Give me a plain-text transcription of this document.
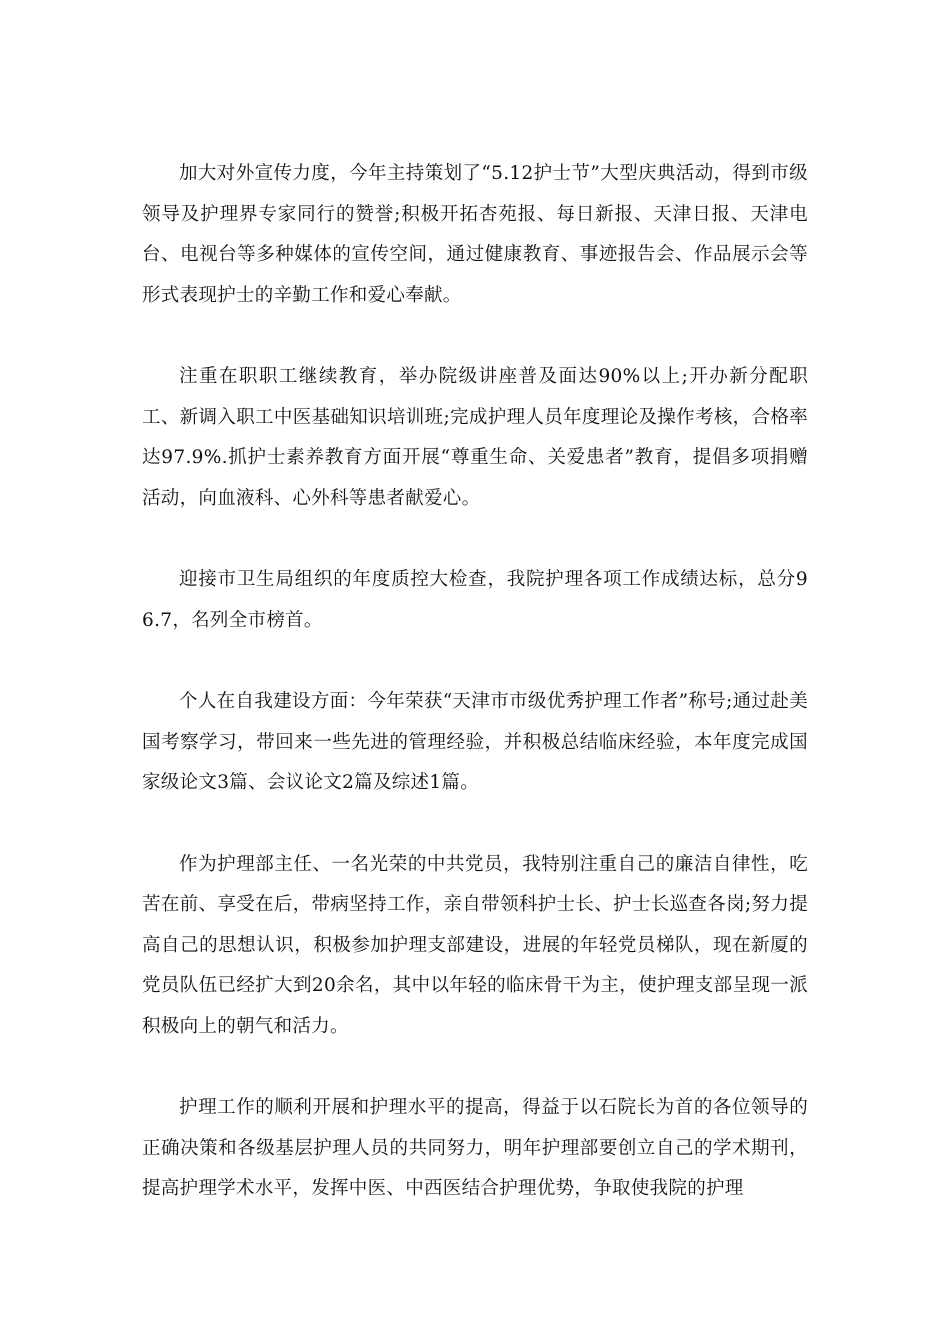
加大对外宣传力度，今年主持策划了“5.12护士节”大型庆典活动，得到市级领导及护理界专家同行的赞誉;积极开拓杏苑报、每日新报、天津日报、天津电台、电视台等多种媒体的宣传空间，通过健康教育、事迹报告会、作品展示会等形式表现护士的辛勤工作和爱心奉献。

注重在职职工继续教育，举办院级讲座普及面达90%以上;开办新分配职工、新调入职工中医基础知识培训班;完成护理人员年度理论及操作考核，合格率达97.9%.抓护士素养教育方面开展“尊重生命、关爱患者”教育，提倡多项捐赠活动，向血液科、心外科等患者献爱心。

迎接市卫生局组织的年度质控大检查，我院护理各项工作成绩达标，总分96.7，名列全市榜首。

个人在自我建设方面：今年荣获“天津市市级优秀护理工作者”称号;通过赴美国考察学习，带回来一些先进的管理经验，并积极总结临床经验，本年度完成国家级论文3篇、会议论文2篇及综述1篇。

作为护理部主任、一名光荣的中共党员，我特别注重自己的廉洁自律性，吃苦在前、享受在后，带病坚持工作，亲自带领科护士长、护士长巡查各岗;努力提高自己的思想认识，积极参加护理支部建设，进展的年轻党员梯队，现在新厦的党员队伍已经扩大到20余名，其中以年轻的临床骨干为主，使护理支部呈现一派积极向上的朝气和活力。

护理工作的顺利开展和护理水平的提高，得益于以石院长为首的各位领导的正确决策和各级基层护理人员的共同努力，明年护理部要创立自己的学术期刊，提高护理学术水平，发挥中医、中西医结合护理优势，争取使我院的护理
